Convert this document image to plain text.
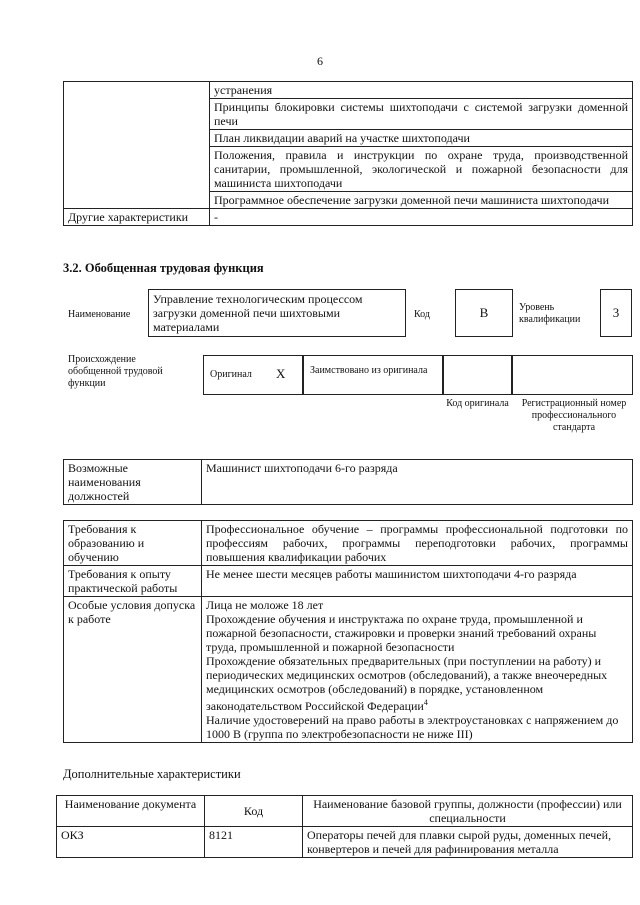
6
	устранения
	Принципы блокировки системы шихтоподачи с системой загрузки доменной печи
	План ликвидации аварий на участке шихтоподачи
	Положения, правила и инструкции по охране труда, производственной санитарии, промышленной, экологической и пожарной безопасности для машиниста шихтоподачи
	Программное обеспечение загрузки доменной печи машиниста шихтоподачи
Другие характеристики	-
3.2. Обобщенная трудовая функция
Наименование
Управление технологическим процессом загрузки доменной печи шихтовыми материалами
Код	В	Уровень квалификации	3
Происхождение обобщенной трудовой функции
Оригинал Х	Заимствовано из оригинала
Код оригинала	Регистрационный номер профессионального стандарта
Возможные наименования должностей	Машинист шихтоподачи 6-го разряда
Требования к образованию и обучению	Профессиональное обучение – программы профессиональной подготовки по профессиям рабочих, программы переподготовки рабочих, программы повышения квалификации рабочих
Требования к опыту практической работы	Не менее шести месяцев работы машинистом шихтоподачи 4-го разряда
Особые условия допуска к работе	Лица не моложе 18 лет
Прохождение обучения и инструктажа по охране труда, промышленной и пожарной безопасности, стажировки и проверки знаний требований охраны труда, промышленной и пожарной безопасности
Прохождение обязательных предварительных (при поступлении на работу) и периодических медицинских осмотров (обследований), а также внеочередных медицинских осмотров (обследований) в порядке, установленном законодательством Российской Федерации$^4$
Наличие удостоверений на право работы в электроустановках с напряжением до 1000 В (группа по электробезопасности не ниже III)
Дополнительные характеристики
Наименование документа	Код	Наименование базовой группы, должности (профессии) или специальности
ОКЗ	8121	Операторы печей для плавки сырой руды, доменных печей, конвертеров и печей для рафинирования металла
